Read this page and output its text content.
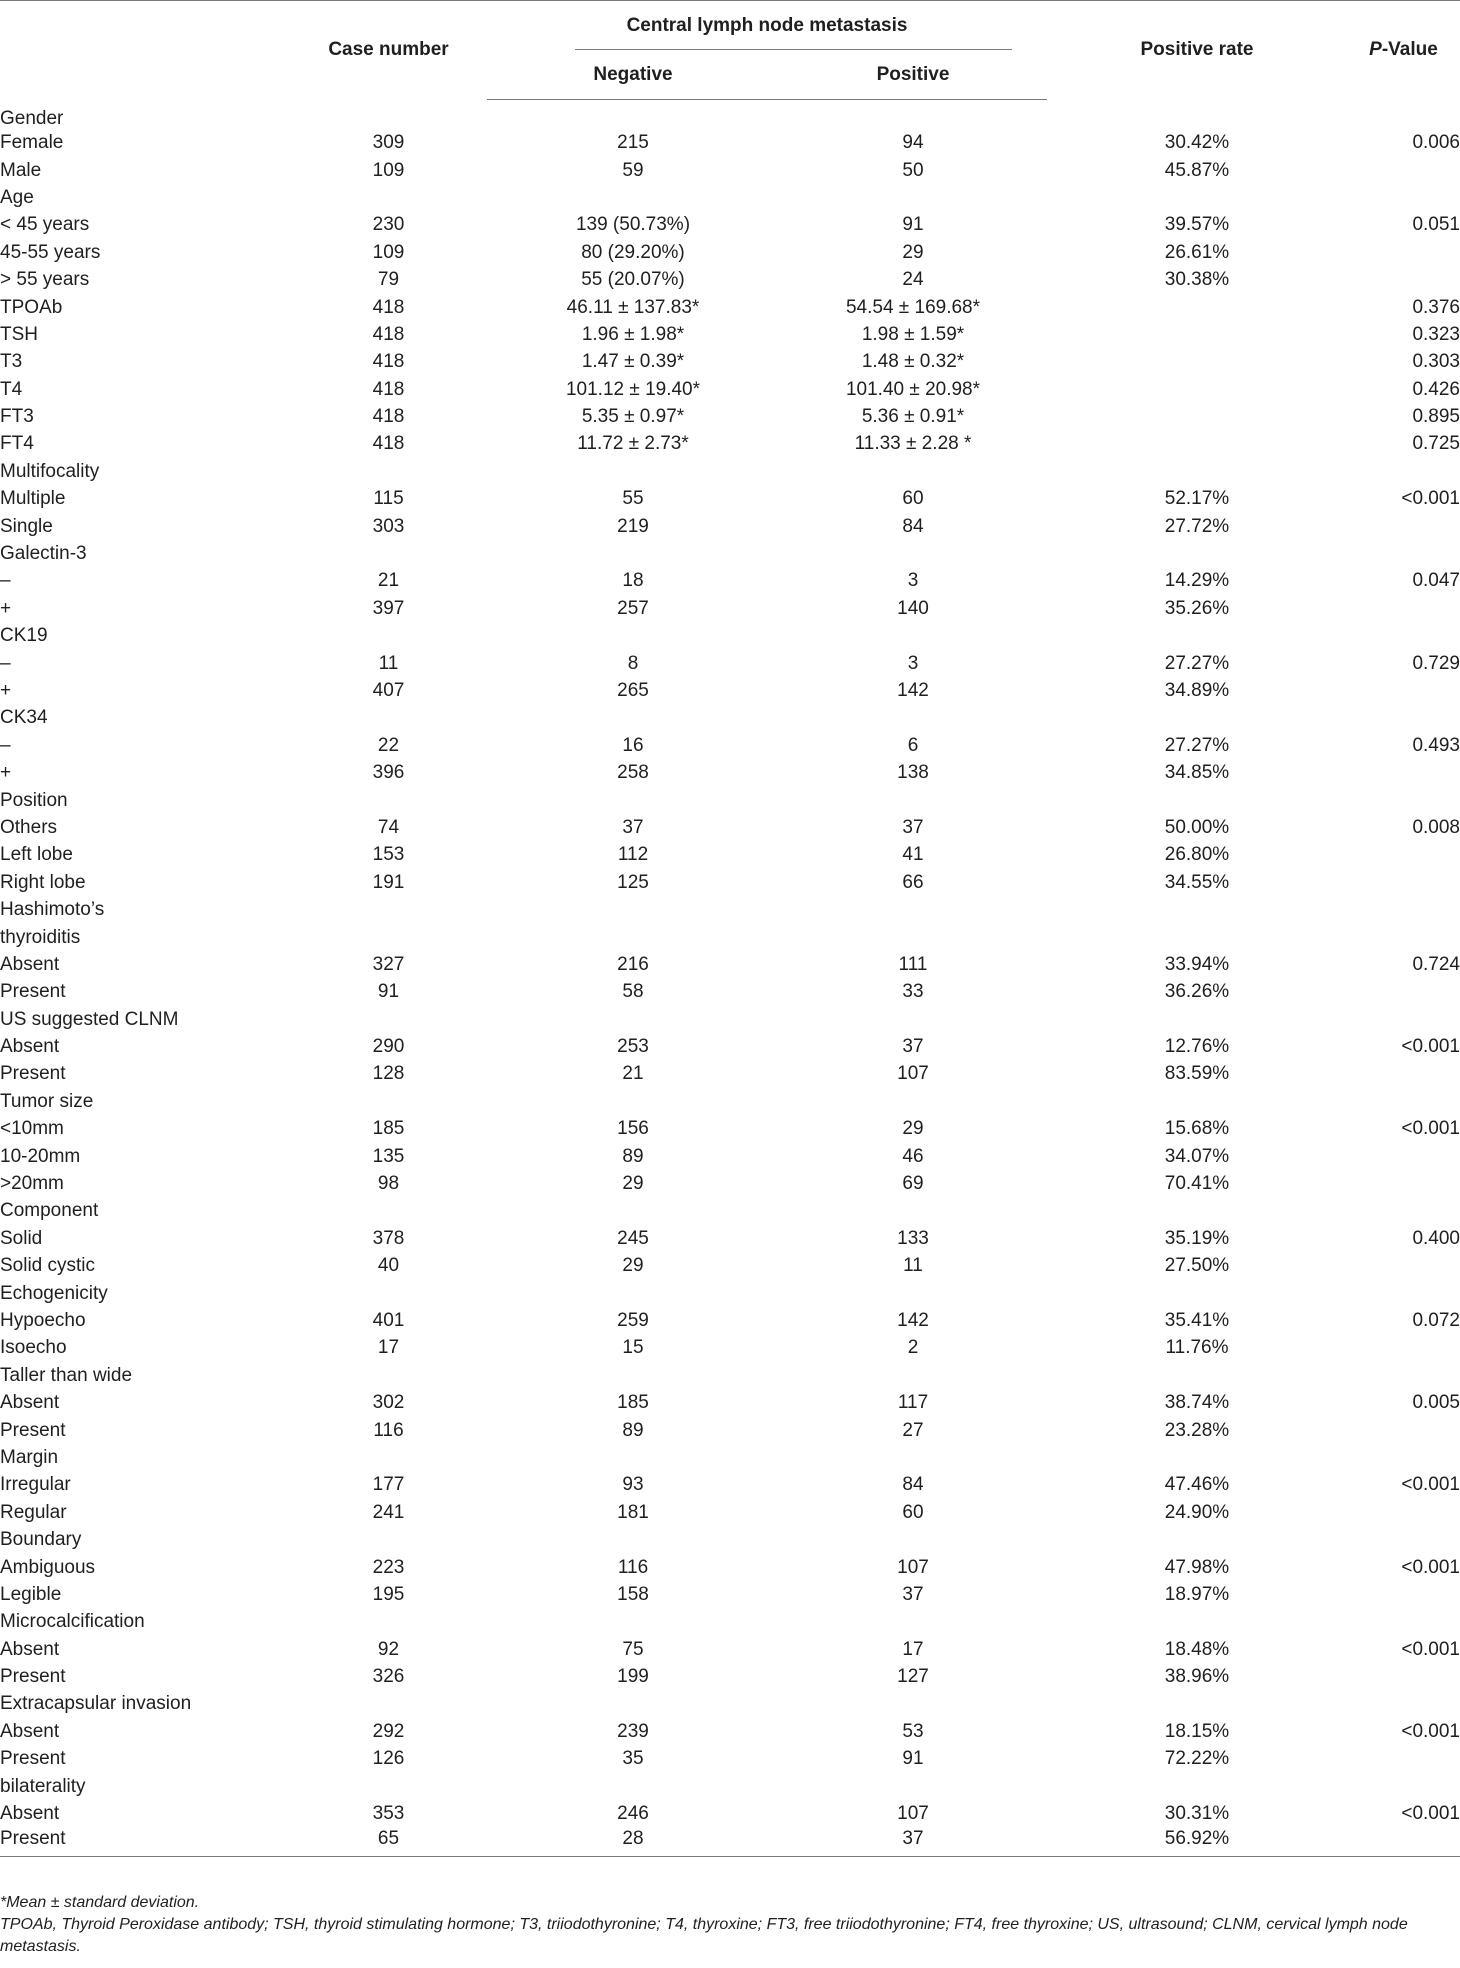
	Case number	Central lymph node metastasis		Positive rate	P-Value
		Negative	Positive		
Gender					
Female	309	215	94	30.42%	0.006
Male	109	59	50	45.87%	
Age					
< 45 years	230	139 (50.73%)	91	39.57%	0.051
45-55 years	109	80 (29.20%)	29	26.61%	
> 55 years	79	55 (20.07%)	24	30.38%	
TPOAb	418	46.11 ± 137.83*	54.54 ± 169.68*		0.376
TSH	418	1.96 ± 1.98*	1.98 ± 1.59*		0.323
T3	418	1.47 ± 0.39*	1.48 ± 0.32*		0.303
T4	418	101.12 ± 19.40*	101.40 ± 20.98*		0.426
FT3	418	5.35 ± 0.97*	5.36 ± 0.91*		0.895
FT4	418	11.72 ± 2.73*	11.33 ± 2.28 *		0.725
Multifocality					
Multiple	115	55	60	52.17%	<0.001
Single	303	219	84	27.72%	
Galectin-3					
–	21	18	3	14.29%	0.047
+	397	257	140	35.26%	
CK19					
–	11	8	3	27.27%	0.729
+	407	265	142	34.89%	
CK34					
–	22	16	6	27.27%	0.493
+	396	258	138	34.85%	
Position					
Others	74	37	37	50.00%	0.008
Left lobe	153	112	41	26.80%	
Right lobe	191	125	66	34.55%	
Hashimoto’s					
thyroiditis					
Absent	327	216	111	33.94%	0.724
Present	91	58	33	36.26%	
US suggested CLNM					
Absent	290	253	37	12.76%	<0.001
Present	128	21	107	83.59%	
Tumor size					
<10mm	185	156	29	15.68%	<0.001
10-20mm	135	89	46	34.07%	
>20mm	98	29	69	70.41%	
Component					
Solid	378	245	133	35.19%	0.400
Solid cystic	40	29	11	27.50%	
Echogenicity					
Hypoecho	401	259	142	35.41%	0.072
Isoecho	17	15	2	11.76%	
Taller than wide					
Absent	302	185	117	38.74%	0.005
Present	116	89	27	23.28%	
Margin					
Irregular	177	93	84	47.46%	<0.001
Regular	241	181	60	24.90%	
Boundary					
Ambiguous	223	116	107	47.98%	<0.001
Legible	195	158	37	18.97%	
Microcalcification					
Absent	92	75	17	18.48%	<0.001
Present	326	199	127	38.96%	
Extracapsular invasion					
Absent	292	239	53	18.15%	<0.001
Present	126	35	91	72.22%	
bilaterality					
Absent	353	246	107	30.31%	<0.001
Present	65	28	37	56.92%	

*Mean ± standard deviation.

TPOAb, Thyroid Peroxidase antibody; TSH, thyroid stimulating hormone; T3, triiodothyronine; T4, thyroxine; FT3, free triiodothyronine; FT4, free thyroxine; US, ultrasound; CLNM, cervical lymph node metastasis.
